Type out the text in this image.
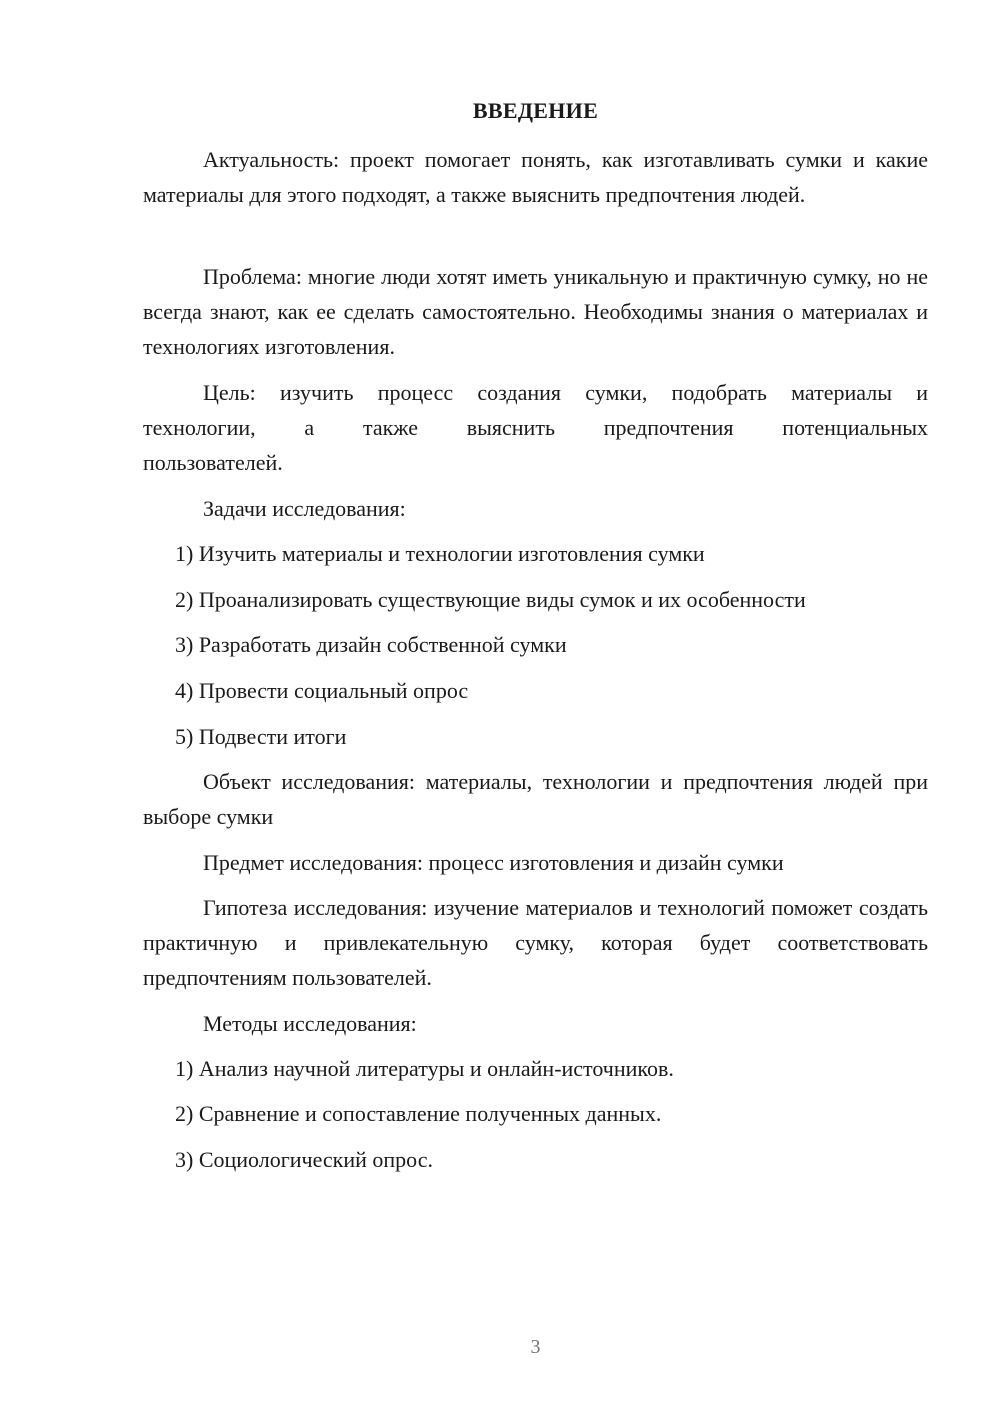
ВВЕДЕНИЕ

Актуальность: проект помогает понять, как изготавливать сумки и какие материалы для этого подходят, а также выяснить предпочтения людей.

Проблема: многие люди хотят иметь уникальную и практичную сумку, но не всегда знают, как ее сделать самостоятельно. Необходимы знания о материалах и технологиях изготовления.

Цель: изучить процесс создания сумки, подобрать материалы и
технологии, а также выяснить предпочтения потенциальных
пользователей.
Задачи исследования:
1) Изучить материалы и технологии изготовления сумки
2) Проанализировать существующие виды сумок и их особенности
3) Разработать дизайн собственной сумки
4) Провести социальный опрос
5) Подвести итоги

Объект исследования: материалы, технологии и предпочтения людей при выборе сумки

Предмет исследования: процесс изготовления и дизайн сумки

Гипотеза исследования: изучение материалов и технологий поможет создать практичную и привлекательную сумку, которая будет соответствовать предпочтениям пользователей.

Методы исследования:
1) Анализ научной литературы и онлайн-источников.
2) Сравнение и сопоставление полученных данных.
3) Социологический опрос.
3
